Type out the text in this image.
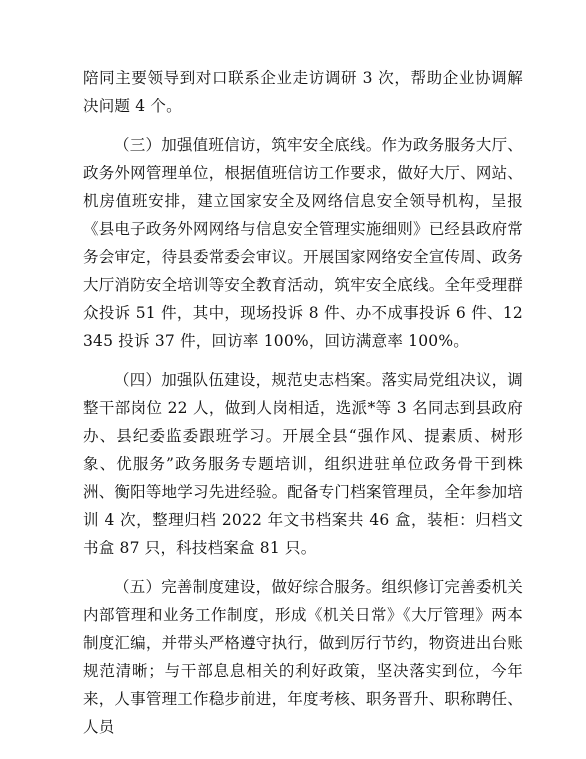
陪同主要领导到对口联系企业走访调研 3 次，帮助企业协调解决问题 4 个。

（三）加强值班信访，筑牢安全底线。作为政务服务大厅、政务外网管理单位，根据值班信访工作要求，做好大厅、网站、机房值班安排，建立国家安全及网络信息安全领导机构，呈报《县电子政务外网网络与信息安全管理实施细则》已经县政府常务会审定，待县委常委会审议。开展国家网络安全宣传周、政务大厅消防安全培训等安全教育活动，筑牢安全底线。全年受理群众投诉 51 件，其中，现场投诉 8 件、办不成事投诉 6 件、12345 投诉 37 件，回访率 100%，回访满意率 100%。

（四）加强队伍建设，规范史志档案。落实局党组决议，调整干部岗位 22 人，做到人岗相适，选派*等 3 名同志到县政府办、县纪委监委跟班学习。开展全县“强作风、提素质、树形象、优服务”政务服务专题培训，组织进驻单位政务骨干到株洲、衡阳等地学习先进经验。配备专门档案管理员，全年参加培训 4 次，整理归档 2022 年文书档案共 46 盒，装柜：归档文书盒 87 只，科技档案盒 81 只。

（五）完善制度建设，做好综合服务。组织修订完善委机关内部管理和业务工作制度，形成《机关日常》《大厅管理》两本制度汇编，并带头严格遵守执行，做到厉行节约，物资进出台账规范清晰；与干部息息相关的利好政策，坚决落实到位，今年来，人事管理工作稳步前进，年度考核、职务晋升、职称聘任、人员
